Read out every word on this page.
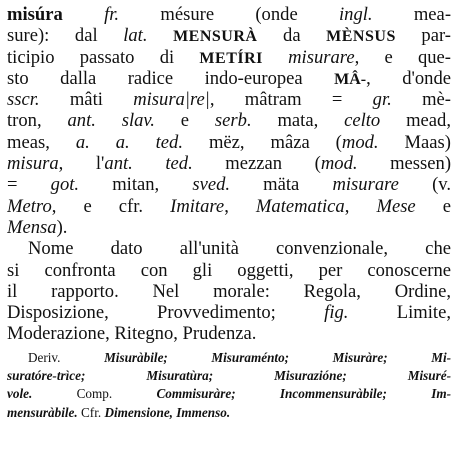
misúra fr. mésure (onde ingl. mea-
sure): dal lat. MENSURÀ da MÈNSUS par-
ticipio passato di METÍRI misurare, e que-
sto dalla radice indo-europea MÂ-, d'onde
sscr. mâti misura|re|, mâtram = gr. mè-
tron, ant. slav. e serb. mata, celto mead,
meas, a. a. ted. mëz, mâza (mod. Maas)
misura, l'ant. ted. mezzan (mod. messen)
= got. mitan, sved. mäta misurare (v.
Metro, e cfr. Imitare, Matematica, Mese e
Mensa).
Nome dato all'unità convenzionale, che
si confronta con gli oggetti, per conoscerne
il rapporto. Nel morale: Regola, Ordine,
Disposizione, Provvedimento; fig. Limite,
Moderazione, Ritegno, Prudenza.
Deriv. Misuràbile; Misuraménto; Misuràre; Mi-
suratóre-trìce; Misuratùra; Misurazióne; Misuré-
vole. Comp. Commisuràre; Incommensuràbile; Im-
mensuràbile. Cfr. Dimensione, Immenso.
